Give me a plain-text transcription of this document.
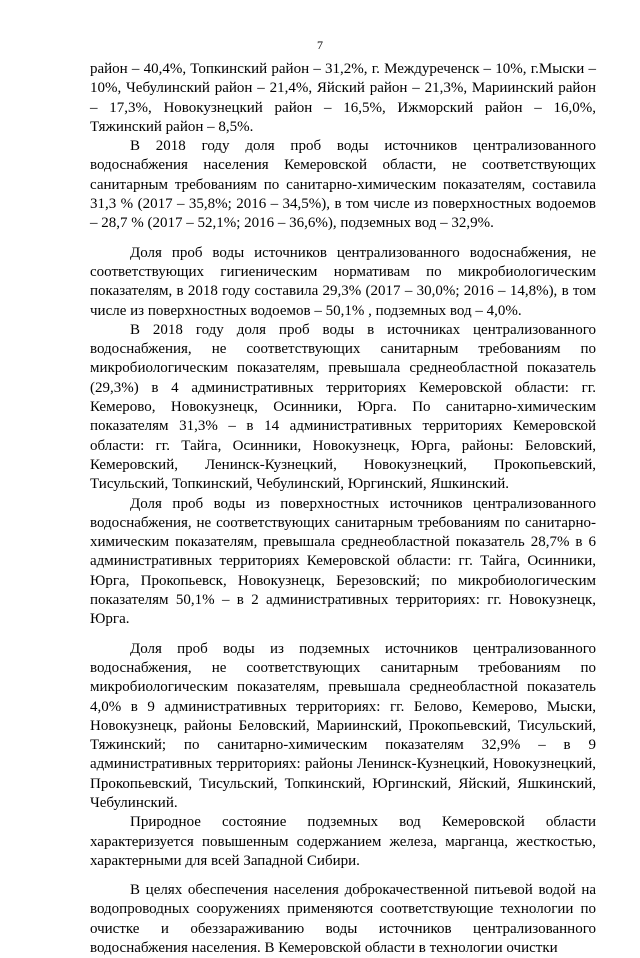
7

район – 40,4%, Топкинский район – 31,2%, г. Междуреченск – 10%, г.Мыски – 10%, Чебулинский район – 21,4%, Яйский район – 21,3%, Мариинский район – 17,3%, Новокузнецкий район – 16,5%, Ижморский район – 16,0%, Тяжинский район – 8,5%.

В 2018 году доля проб воды источников централизованного водоснабжения населения Кемеровской области, не соответствующих санитарным требованиям по санитарно-химическим показателям, составила 31,3 % (2017 – 35,8%; 2016 – 34,5%), в том числе из поверхностных водоемов – 28,7 % (2017 – 52,1%; 2016 – 36,6%), подземных вод – 32,9%.

Доля проб воды источников централизованного водоснабжения, не соответствующих гигиеническим нормативам по микробиологическим показателям, в 2018 году составила 29,3% (2017 – 30,0%; 2016 – 14,8%), в том числе из поверхностных водоемов – 50,1% , подземных вод – 4,0%.

В 2018 году доля проб воды в источниках централизованного водоснабжения, не соответствующих санитарным требованиям по микробиологическим показателям, превышала среднеобластной показатель (29,3%) в 4 административных территориях Кемеровской области: гг. Кемерово, Новокузнецк, Осинники, Юрга. По санитарно-химическим показателям 31,3% – в 14 административных территориях Кемеровской области: гг. Тайга, Осинники, Новокузнецк, Юрга, районы: Беловский, Кемеровский, Ленинск-Кузнецкий, Новокузнецкий, Прокопьевский, Тисульский, Топкинский, Чебулинский, Юргинский, Яшкинский.

Доля проб воды из поверхностных источников централизованного водоснабжения, не соответствующих санитарным требованиям по санитарно-химическим показателям, превышала среднеобластной показатель 28,7% в 6 административных территориях Кемеровской области: гг. Тайга, Осинники, Юрга, Прокопьевск, Новокузнецк, Березовский; по микробиологическим показателям 50,1% – в 2 административных территориях: гг. Новокузнецк, Юрга.

Доля проб воды из подземных источников централизованного водоснабжения, не соответствующих санитарным требованиям по микробиологическим показателям, превышала среднеобластной показатель 4,0% в 9 административных территориях: гг. Белово, Кемерово, Мыски, Новокузнецк, районы Беловский, Мариинский, Прокопьевский, Тисульский, Тяжинский; по санитарно-химическим показателям 32,9% – в 9 административных территориях: районы Ленинск-Кузнецкий, Новокузнецкий, Прокопьевский, Тисульский, Топкинский, Юргинский, Яйский, Яшкинский, Чебулинский.

Природное состояние подземных вод Кемеровской области характеризуется повышенным содержанием железа, марганца, жесткостью, характерными для всей Западной Сибири.

В целях обеспечения населения доброкачественной питьевой водой на водопроводных сооружениях применяются соответствующие технологии по очистке и обеззараживанию воды источников централизованного водоснабжения населения. В Кемеровской области в технологии очистки
